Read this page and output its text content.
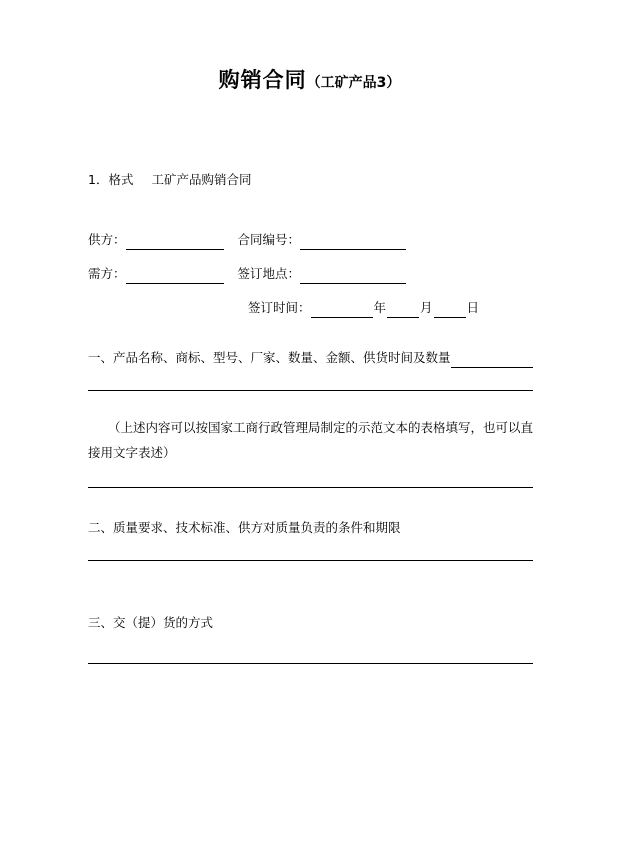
购销合同（工矿产品3）
1．格式 工矿产品购销合同
供方：	合同编号：
需方：	签订地点：
签订时间：	年	月	日
一、产品名称、商标、型号、厂家、数量、金额、供货时间及数量
（上述内容可以按国家工商行政管理局制定的示范文本的表格填写，也可以直接用文字表述）
二、质量要求、技术标准、供方对质量负责的条件和期限
三、交（提）货的方式
